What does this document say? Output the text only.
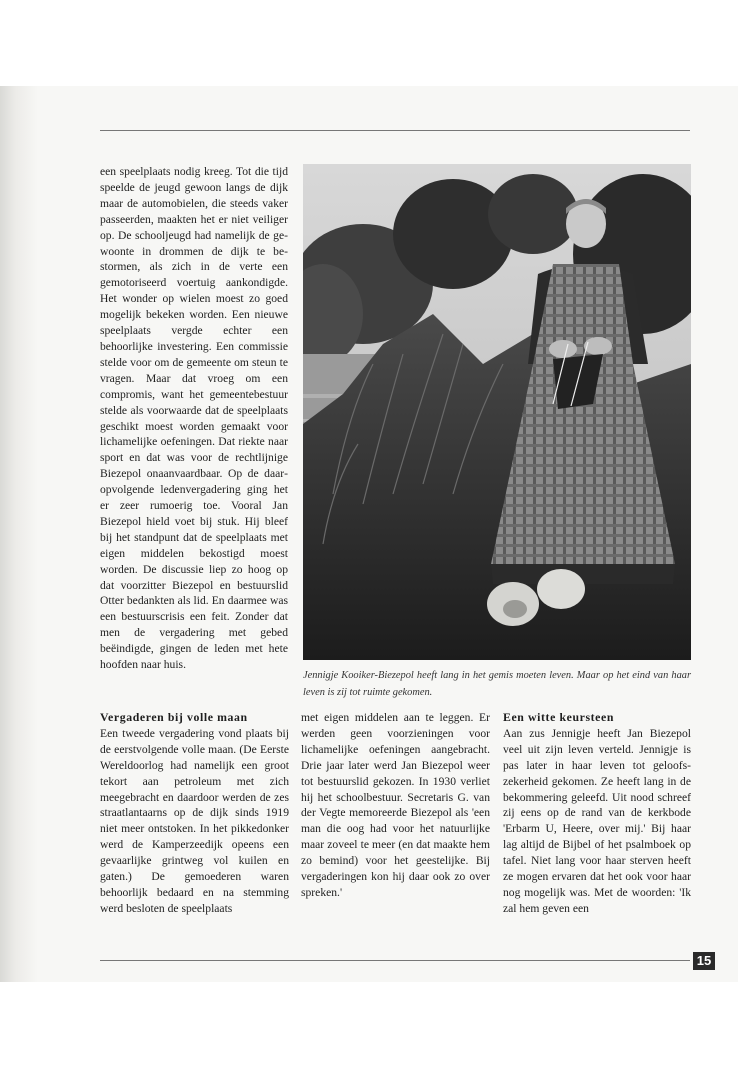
een speelplaats nodig kreeg. Tot die tijd speelde de jeugd gewoon langs de dijk maar de automobielen, die steeds vaker passeerden, maakten het er niet veiliger op. De schooljeugd had namelijk de gewoonte in drommen de dijk te bestormen, als zich in de verte een gemotoriseerd voertuig aankondigde. Het wonder op wielen moest zo goed mogelijk bekeken worden. Een nieuwe speelplaats vergde echter een behoorlijke investering. Een commissie stelde voor om de gemeente om steun te vragen. Maar dat vroeg om een compromis, want het gemeentebestuur stelde als voorwaarde dat de speelplaats geschikt moest worden gemaakt voor lichamelijke oefeningen. Dat riekte naar sport en dat was voor de rechtlijnige Biezepol onaanvaardbaar. Op de daaropvolgende ledenvergadering ging het er zeer rumoerig toe. Vooral Jan Biezepol hield voet bij stuk. Hij bleef bij het standpunt dat de speelplaats met eigen middelen bekostigd moest worden. De discussie liep zo hoog op dat voorzitter Biezepol en bestuurslid Otter bedankten als lid. En daarmee was een bestuurscrisis een feit. Zonder dat men de vergadering met gebed beëindigde, gingen de leden met hete hoofden naar huis.
Jennigje Kooiker-Biezepol heeft lang in het gemis moeten leven. Maar op het eind van haar leven is zij tot ruimte gekomen.
Vergaderen bij volle maan
Een tweede vergadering vond plaats bij de eerstvolgende volle maan. (De Eerste Wereldoorlog had namelijk een groot tekort aan petroleum met zich meegebracht en daardoor werden de zes straatlantaarns op de dijk sinds 1919 niet meer ontstoken. In het pikkedonker werd de Kamperzeedijk opeens een gevaarlijke grintweg vol kuilen en gaten.) De gemoederen waren behoorlijk bedaard en na stemming werd besloten de speelplaats
met eigen middelen aan te leggen. Er werden geen voorzieningen voor lichamelijke oefeningen aangebracht. Drie jaar later werd Jan Biezepol weer tot bestuurslid gekozen. In 1930 verliet hij het schoolbestuur. Secretaris G. van der Vegte memoreerde Biezepol als 'een man die oog had voor het natuurlijke maar zoveel te meer (en dat maakte hem zo bemind) voor het geestelijke. Bij vergaderingen kon hij daar ook zo over spreken.'
Een witte keursteen
Aan zus Jennigje heeft Jan Biezepol veel uit zijn leven verteld. Jennigje is pas later in haar leven tot geloofszekerheid gekomen. Ze heeft lang in de bekommering geleefd. Uit nood schreef zij eens op de rand van de kerkbode 'Erbarm U, Heere, over mij.' Bij haar lag altijd de Bijbel of het psalmboek op tafel. Niet lang voor haar sterven heeft ze mogen ervaren dat het ook voor haar nog mogelijk was. Met de woorden: 'Ik zal hem geven een
15
